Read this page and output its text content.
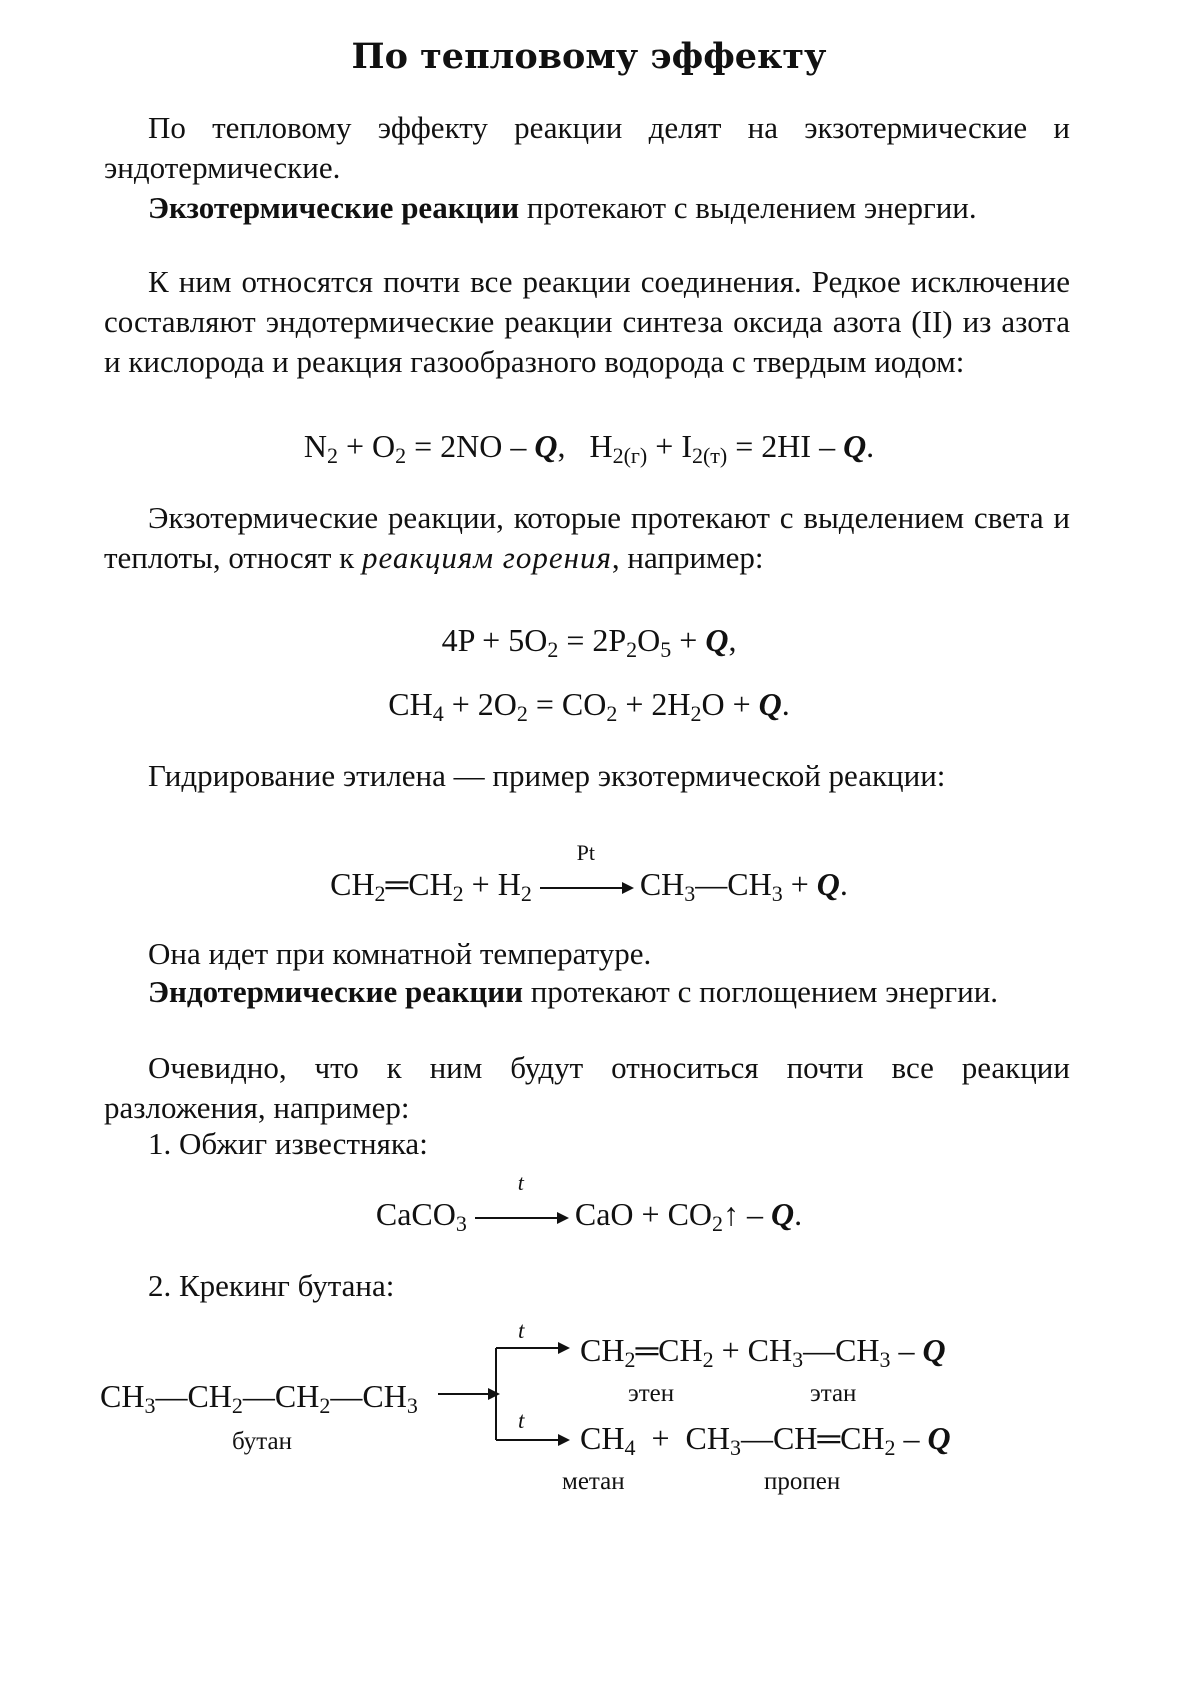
По тепловому эффекту
По тепловому эффекту реакции делят на экзотермические и эндотермические.
Экзотермические реакции протекают с выделением энергии.
К ним относятся почти все реакции соединения. Редкое исключение составляют эндотермические реакции синтеза оксида азота (II) из азота и кислорода и реакция газообразного водорода с твердым иодом:
$N_2 + O_2 = 2NO - Q$,   $H_{2(г)} + I_{2(т)} = 2HI - Q$.
Экзотермические реакции, которые протекают с выделением света и теплоты, относят к реакциям горения, например:
$4P + 5O_2 = 2P_2O_5 + Q$,
$CH_4 + 2O_2 = CO_2 + 2H_2O + Q$.
Гидрирование этилена — пример экзотермической реакции:
$CH_2═CH_2 + H_2$
Pt
$CH_3—CH_3 + Q$.
Она идет при комнатной температуре.
Эндотермические реакции протекают с поглощением энергии.
Очевидно, что к ним будут относиться почти все реакции разложения, например:
1. Обжиг известняка:
CaCO$_3$
t
CaO + $CO_2↑$ – Q.
2. Крекинг бутана:
$CH_3—CH_2—CH_2—CH_3$
бутан
t
t
$CH_2═CH_2$ + $CH_3—CH_3$ – Q
этен	этан
$CH_4$  +  $CH_3—CH═CH_2$ – Q
метан	пропен
